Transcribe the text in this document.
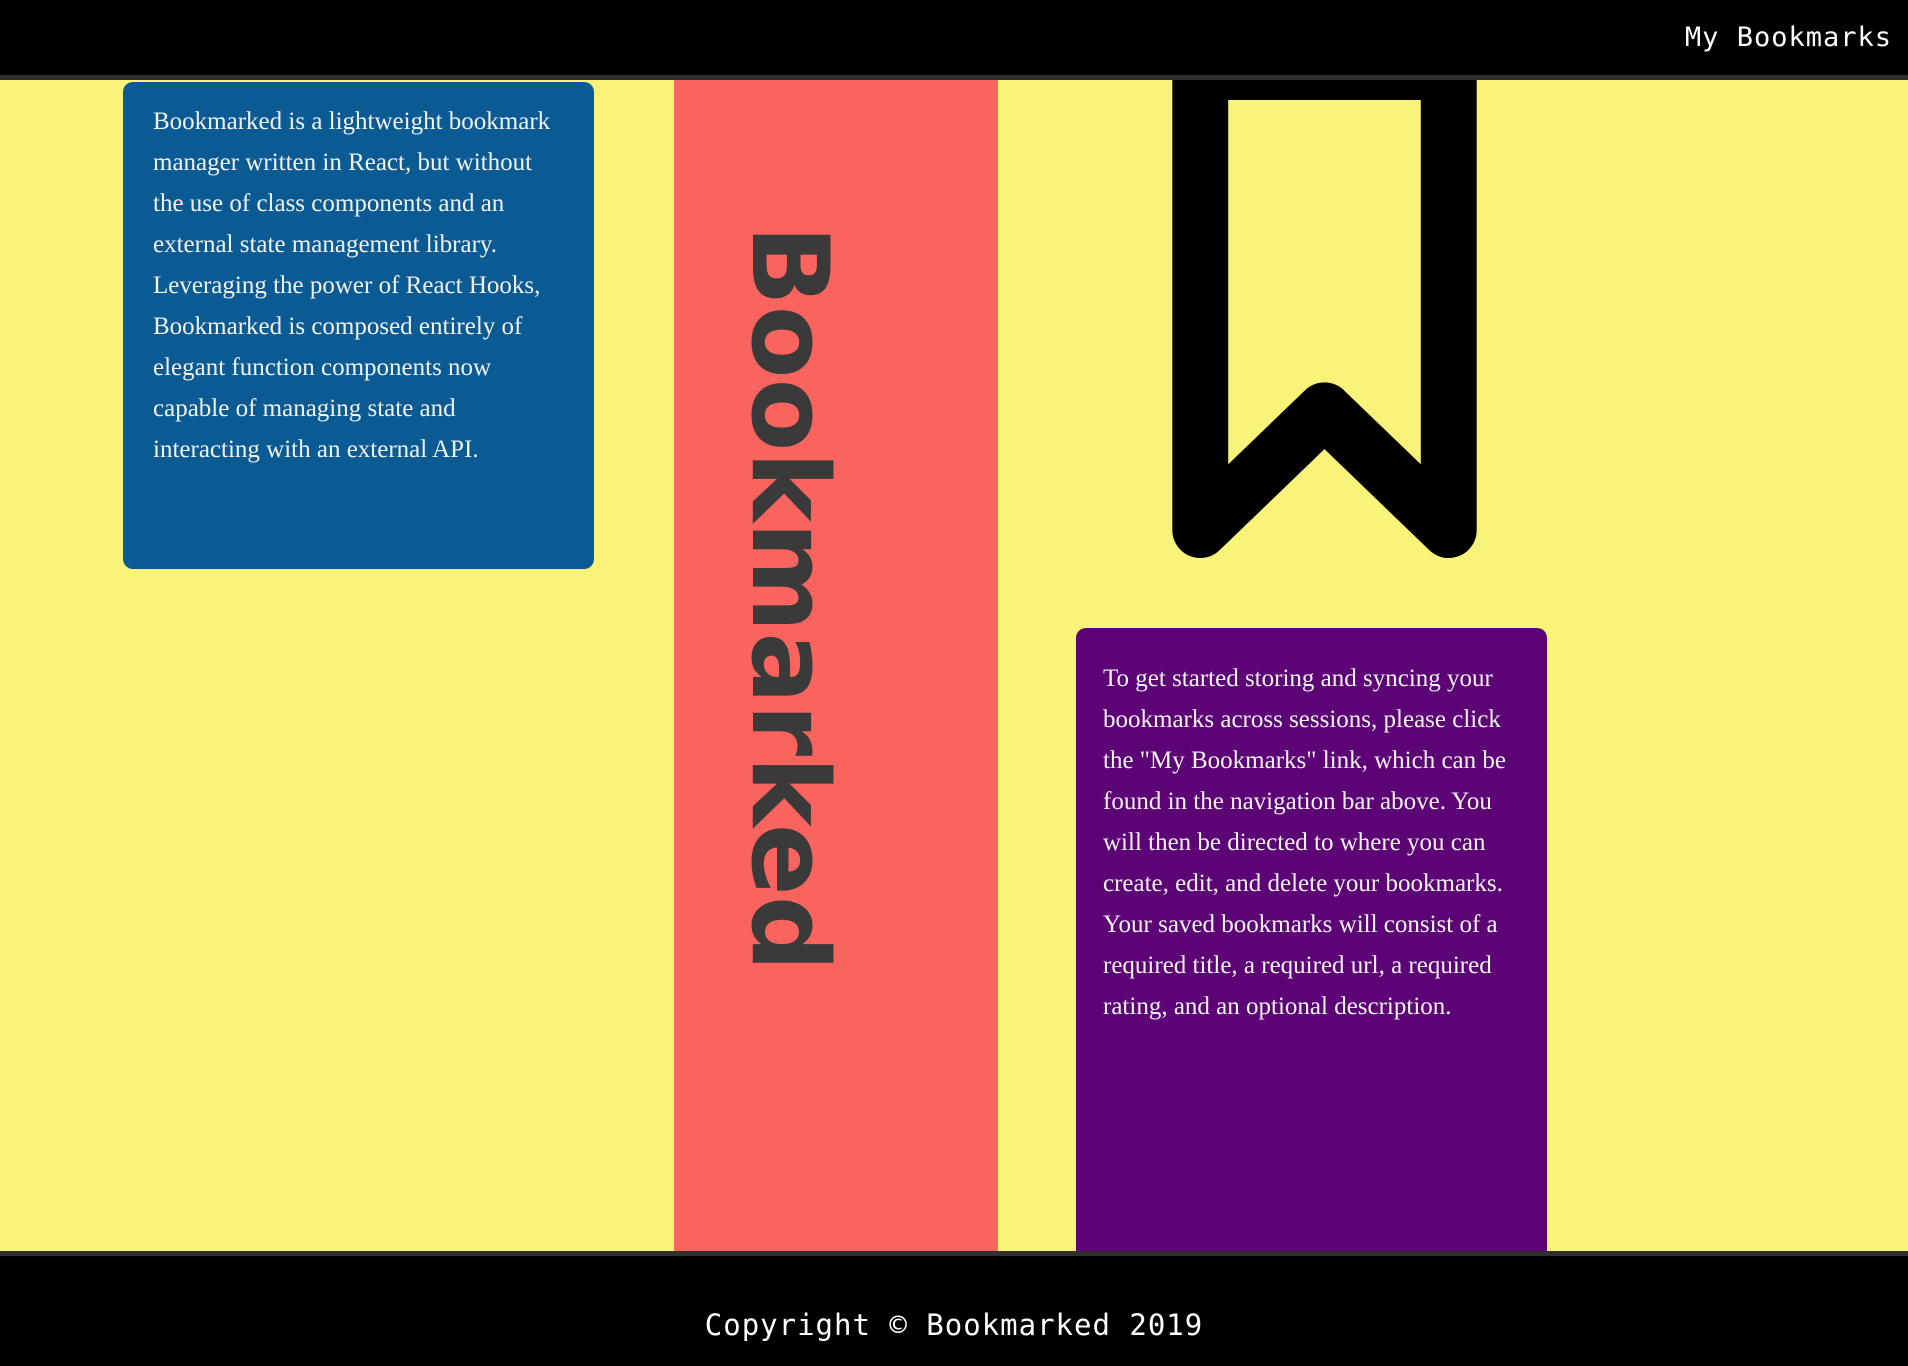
My Bookmarks

Bookmarked is a lightweight bookmark manager written in React, but without the use of class components and an external state management library. Leveraging the power of React Hooks, Bookmarked is composed entirely of elegant function components now capable of managing state and interacting with an external API.	Bookmarked	To get started storing and syncing your bookmarks across sessions, please click the "My Bookmarks" link, which can be found in the navigation bar above. You will then be directed to where you can create, edit, and delete your bookmarks. Your saved bookmarks will consist of a required title, a required url, a required rating, and an optional description.

Copyright © Bookmarked 2019
